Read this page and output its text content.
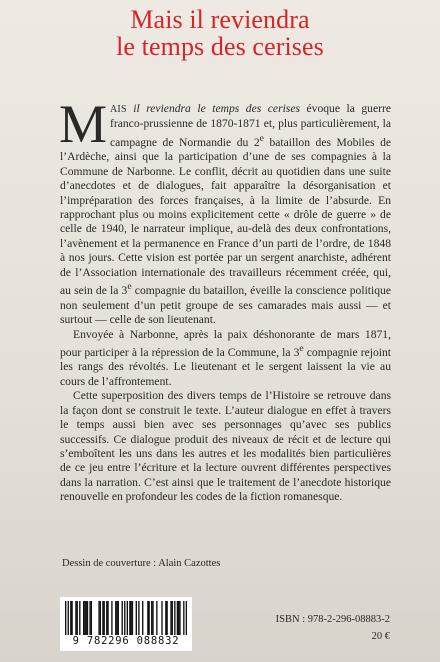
Mais il reviendra
le temps des cerises

MAIS il reviendra le temps des cerises évoque la guerre franco-prussienne de 1870-1871 et, plus particulièrement, la campagne de Normandie du 2e bataillon des Mobiles de l’Ardèche, ainsi que la participation d’une de ses compagnies à la Commune de Narbonne. Le conflit, décrit au quotidien dans une suite d’anecdotes et de dialogues, fait apparaître la désorganisation et l’impréparation des forces françaises, à la limite de l’absurde. En rapprochant plus ou moins explicitement cette « drôle de guerre » de celle de 1940, le narrateur implique, au-delà des deux confrontations, l’avènement et la permanence en France d’un parti de l’ordre, de 1848 à nos jours. Cette vision est portée par un sergent anarchiste, adhérent de l’Association internationale des travailleurs récemment créée, qui, au sein de la 3e compagnie du bataillon, éveille la conscience politique non seulement d’un petit groupe de ses camarades mais aussi — et surtout — celle de son lieutenant.

Envoyée à Narbonne, après la paix déshonorante de mars 1871, pour participer à la répression de la Commune, la 3e compagnie rejoint les rangs des révoltés. Le lieutenant et le sergent laissent la vie au cours de l’affrontement.

Cette superposition des divers temps de l’Histoire se retrouve dans la façon dont se construit le texte. L’auteur dialogue en effet à travers le temps aussi bien avec ses personnages qu’avec ses publics successifs. Ce dialogue produit des niveaux de récit et de lecture qui s’emboîtent les uns dans les autres et les modalités bien particulières de ce jeu entre l’écriture et la lecture ouvrent différentes perspectives dans la narration. C’est ainsi que le traitement de l’anecdote historique renouvelle en profondeur les codes de la fiction romanesque.

Dessin de couverture : Alain Cazottes
9 782296 088832
ISBN : 978-2-296-08883-2
20 €
